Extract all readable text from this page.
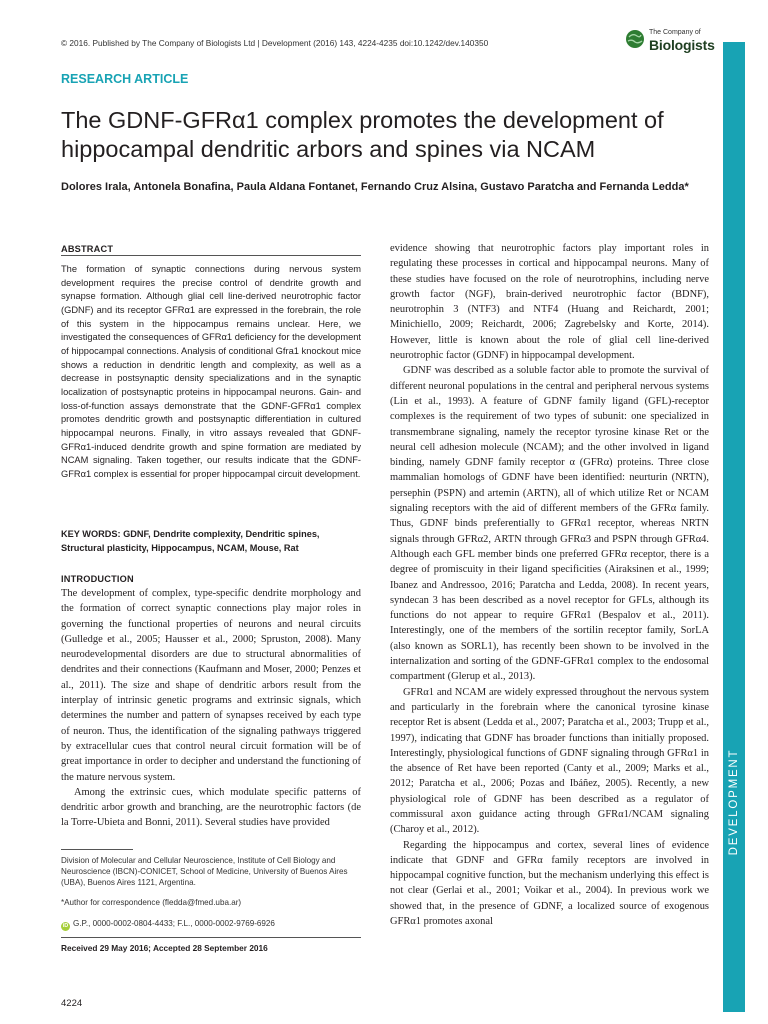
© 2016. Published by The Company of Biologists Ltd | Development (2016) 143, 4224-4235 doi:10.1242/dev.140350
The Company of
Biologists
DEVELOPMENT
RESEARCH ARTICLE
The GDNF-GFRα1 complex promotes the development of hippocampal dendritic arbors and spines via NCAM
Dolores Irala, Antonela Bonafina, Paula Aldana Fontanet, Fernando Cruz Alsina, Gustavo Paratcha and Fernanda Ledda*
ABSTRACT
The formation of synaptic connections during nervous system development requires the precise control of dendrite growth and synapse formation. Although glial cell line-derived neurotrophic factor (GDNF) and its receptor GFRα1 are expressed in the forebrain, the role of this system in the hippocampus remains unclear. Here, we investigated the consequences of GFRα1 deficiency for the development of hippocampal connections. Analysis of conditional Gfra1 knockout mice shows a reduction in dendritic length and complexity, as well as a decrease in postsynaptic density specializations and in the synaptic localization of postsynaptic proteins in hippocampal neurons. Gain- and loss-of-function assays demonstrate that the GDNF-GFRα1 complex promotes dendritic growth and postsynaptic differentiation in cultured hippocampal neurons. Finally, in vitro assays revealed that GDNF-GFRα1-induced dendrite growth and spine formation are mediated by NCAM signaling. Taken together, our results indicate that the GDNF-GFRα1 complex is essential for proper hippocampal circuit development.
KEY WORDS: GDNF, Dendrite complexity, Dendritic spines, Structural plasticity, Hippocampus, NCAM, Mouse, Rat
INTRODUCTION

The development of complex, type-specific dendrite morphology and the formation of correct synaptic connections play major roles in governing the functional properties of neurons and neural circuits (Gulledge et al., 2005; Hausser et al., 2000; Spruston, 2008). Many neurodevelopmental disorders are due to structural abnormalities of dendrites and their connections (Kaufmann and Moser, 2000; Penzes et al., 2011). The size and shape of dendritic arbors result from the interplay of intrinsic genetic programs and extrinsic signals, which determines the number and pattern of synapses received by each type of neuron. Thus, the identification of the signaling pathways triggered by extracellular cues that control neural circuit formation will be of great importance in order to decipher and understand the functioning of the mature nervous system.

Among the extrinsic cues, which modulate specific patterns of dendritic arbor growth and branching, are the neurotrophic factors (de la Torre-Ubieta and Bonni, 2011). Several studies have provided

Division of Molecular and Cellular Neuroscience, Institute of Cell Biology and Neuroscience (IBCN)-CONICET, School of Medicine, University of Buenos Aires (UBA), Buenos Aires 1121, Argentina.
*Author for correspondence (fledda@fmed.uba.ar)
iD G.P., 0000-0002-0804-4433; F.L., 0000-0002-9769-6926
Received 29 May 2016; Accepted 28 September 2016

evidence showing that neurotrophic factors play important roles in regulating these processes in cortical and hippocampal neurons. Many of these studies have focused on the role of neurotrophins, including nerve growth factor (NGF), brain-derived neurotrophic factor (BDNF), neurotrophin 3 (NTF3) and NTF4 (Huang and Reichardt, 2001; Minichiello, 2009; Reichardt, 2006; Zagrebelsky and Korte, 2014). However, little is known about the role of glial cell line-derived neurotrophic factor (GDNF) in hippocampal development.

GDNF was described as a soluble factor able to promote the survival of different neuronal populations in the central and peripheral nervous systems (Lin et al., 1993). A feature of GDNF family ligand (GFL)-receptor complexes is the requirement of two types of subunit: one specialized in transmembrane signaling, namely the receptor tyrosine kinase Ret or the neural cell adhesion molecule (NCAM); and the other involved in ligand binding, namely GDNF family receptor α (GFRα) proteins. Three close mammalian homologs of GDNF have been identified: neurturin (NRTN), persephin (PSPN) and artemin (ARTN), all of which utilize Ret or NCAM signaling receptors with the aid of different members of the GFRα family. Thus, GDNF binds preferentially to GFRα1 receptor, whereas NRTN signals through GFRα2, ARTN through GFRα3 and PSPN through GFRα4. Although each GFL member binds one preferred GFRα receptor, there is a degree of promiscuity in their ligand specificities (Airaksinen et al., 1999; Ibanez and Andressoo, 2016; Paratcha and Ledda, 2008). In recent years, syndecan 3 has been described as a novel receptor for GFLs, although its functions do not appear to require GFRα1 (Bespalov et al., 2011). Interestingly, one of the members of the sortilin receptor family, SorLA (also known as SORL1), has recently been shown to be involved in the internalization and sorting of the GDNF-GFRα1 complex to the endosomal compartment (Glerup et al., 2013).

GFRα1 and NCAM are widely expressed throughout the nervous system and particularly in the forebrain where the canonical tyrosine kinase receptor Ret is absent (Ledda et al., 2007; Paratcha et al., 2003; Trupp et al., 1997), indicating that GDNF has broader functions than initially proposed. Interestingly, physiological functions of GDNF signaling through GFRα1 in the absence of Ret have been reported (Canty et al., 2009; Marks et al., 2012; Paratcha et al., 2006; Pozas and Ibáñez, 2005). Recently, a new physiological role of GDNF has been described as a regulator of commissural axon guidance acting through GFRα1/NCAM signaling (Charoy et al., 2012).

Regarding the hippocampus and cortex, several lines of evidence indicate that GDNF and GFRα family receptors are involved in hippocampal cognitive function, but the mechanism underlying this effect is not clear (Gerlai et al., 2001; Voikar et al., 2004). In previous work we showed that, in the presence of GDNF, a localized source of exogenous GFRα1 promotes axonal

4224
